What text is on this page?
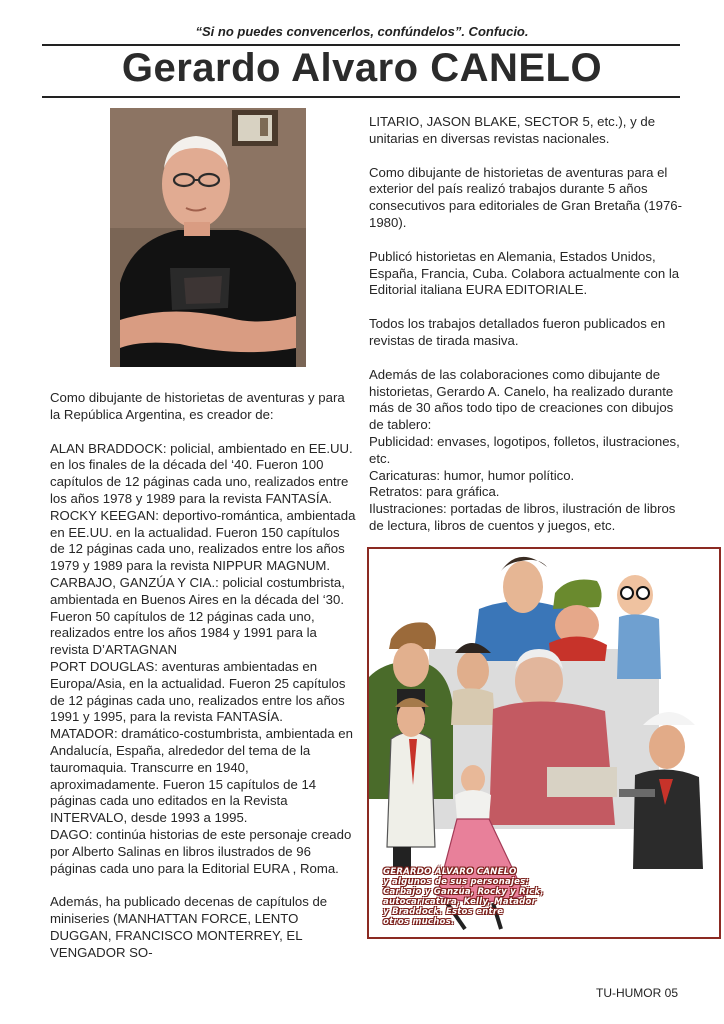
“Si no puedes convencerlos, confúndelos”. Confucio.
Gerardo Alvaro CANELO

Como dibujante de historietas de aventuras y para la República Argentina, es creador de:

ALAN BRADDOCK: policial, ambientado en EE.UU. en los finales de la década del ‘40. Fueron 100 capítulos de 12 páginas cada uno, realizados entre los años 1978 y 1989 para la revista FANTASÍA.

ROCKY KEEGAN: deportivo-romántica, ambientada en EE.UU. en la actualidad. Fueron 150 capítulos de 12 páginas cada uno, realizados entre los años 1979 y 1989 para la revista NIPPUR MAGNUM.

CARBAJO, GANZÚA Y CIA.: policial costumbrista, ambientada en Buenos Aires en la década del ‘30. Fueron 50 capítulos de 12 páginas cada uno, realizados entre los años 1984 y 1991 para la revista D’ARTAGNAN

PORT DOUGLAS: aventuras ambientadas en Europa/Asia, en la actualidad. Fueron 25 capítulos de 12 páginas cada uno, realizados entre los años 1991 y 1995, para la revista FANTASÍA.

MATADOR: dramático-costumbrista, ambientada en Andalucía, España, alrededor del tema de la tauromaquia. Transcurre en 1940, aproximadamente. Fueron 15 capítulos de 14 páginas cada uno editados en la Revista INTERVALO, desde 1993 a 1995.

DAGO: continúa historias de este personaje creado por Alberto Salinas en libros ilustrados de 96 páginas cada uno para la Editorial EURA , Roma.

Además, ha publicado decenas de capítulos de miniseries (MANHATTAN FORCE, LENTO DUGGAN, FRANCISCO MONTERREY, EL VENGADOR SO-

LITARIO, JASON BLAKE, SECTOR 5, etc.), y de unitarias en diversas revistas nacionales.

Como dibujante de historietas de aventuras para el exterior del país realizó trabajos durante 5 años consecutivos para editoriales de Gran Bretaña (1976-1980).

Publicó historietas en Alemania, Estados Unidos, España, Francia, Cuba. Colabora actualmente con la Editorial italiana EURA EDITORIALE.

Todos los trabajos detallados fueron publicados en revistas de tirada masiva.

Además de las colaboraciones como dibujante de historietas, Gerardo A. Canelo, ha realizado durante más de 30 años todo tipo de creaciones con dibujos de tablero:

Publicidad: envases, logotipos, folletos, ilustraciones, etc.

Caricaturas: humor, humor político.

Retratos: para gráfica.

Ilustraciones: portadas de libros, ilustración de libros de lectura, libros de cuentos y juegos, etc.

GERARDO ÁLVARO CANELO
y algunos de sus personajes:
Carbajo y Ganzúa, Rocky y Rick,
autocaricatura, Kelly, Matador
y Braddock. Estos entre
otros muchos.
TU-HUMOR 05
